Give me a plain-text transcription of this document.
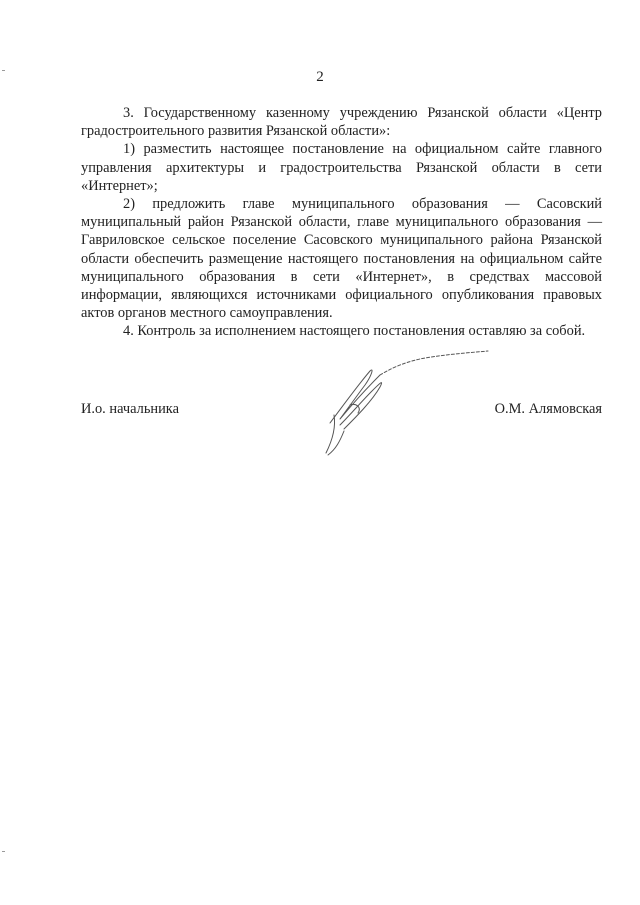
2

3. Государственному казенному учреждению Рязанской области «Центр градостроительного развития Рязанской области»:

1) разместить настоящее постановление на официальном сайте главного управления архитектуры и градостроительства Рязанской области в сети «Интернет»;

2) предложить главе муниципального образования — Сасовский муниципальный район Рязанской области, главе муниципального образования — Гавриловское сельское поселение Сасовского муниципального района Рязанской области обеспечить размещение настоящего постановления на официальном сайте муниципального образования в сети «Интернет», в средствах массовой информации, являющихся источниками официального опубликования правовых актов органов местного самоуправления.

4. Контроль за исполнением настоящего постановления оставляю за собой.

И.о. начальника	О.М. Алямовская
